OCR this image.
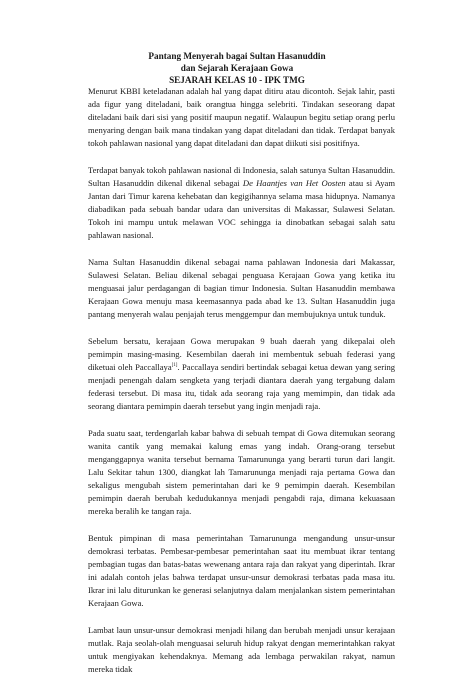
Pantang Menyerah bagai Sultan Hasanuddin
dan Sejarah Kerajaan Gowa
SEJARAH KELAS 10 - IPK TMG

Menurut KBBI keteladanan adalah hal yang dapat ditiru atau dicontoh. Sejak lahir, pasti ada figur yang diteladani, baik orangtua hingga selebriti. Tindakan seseorang dapat diteladani baik dari sisi yang positif maupun negatif. Walaupun begitu setiap orang perlu menyaring dengan baik mana tindakan yang dapat diteladani dan tidak. Terdapat banyak tokoh pahlawan nasional yang dapat diteladani dan dapat diikuti sisi positifnya.

Terdapat banyak tokoh pahlawan nasional di Indonesia, salah satunya Sultan Hasanuddin. Sultan Hasanuddin dikenal dikenal sebagai De Haantjes van Het Oosten atau si Ayam Jantan dari Timur karena kehebatan dan kegigihannya selama masa hidupnya. Namanya diabadikan pada sebuah bandar udara dan universitas di Makassar, Sulawesi Selatan. Tokoh ini mampu untuk melawan VOC sehingga ia dinobatkan sebagai salah satu pahlawan nasional.

Nama Sultan Hasanuddin dikenal sebagai nama pahlawan Indonesia dari Makassar, Sulawesi Selatan. Beliau dikenal sebagai penguasa Kerajaan Gowa yang ketika itu menguasai jalur perdagangan di bagian timur Indonesia. Sultan Hasanuddin membawa Kerajaan Gowa menuju masa keemasannya pada abad ke 13. Sultan Hasanuddin juga pantang menyerah walau penjajah terus menggempur dan membujuknya untuk tunduk.

Sebelum bersatu, kerajaan Gowa merupakan 9 buah daerah yang dikepalai oleh pemimpin masing-masing. Kesembilan daerah ini membentuk sebuah federasi yang diketuai oleh Paccallaya[1]. Paccallaya sendiri bertindak sebagai ketua dewan yang sering menjadi penengah dalam sengketa yang terjadi diantara daerah yang tergabung dalam federasi tersebut. Di masa itu, tidak ada seorang raja yang memimpin, dan tidak ada seorang diantara pemimpin daerah tersebut yang ingin menjadi raja.

Pada suatu saat, terdengarlah kabar bahwa di sebuah tempat di Gowa ditemukan seorang wanita cantik yang memakai kalung emas yang indah. Orang-orang tersebut menganggapnya wanita tersebut bernama Tamarununga yang berarti turun dari langit. Lalu Sekitar tahun 1300, diangkat lah Tamarununga menjadi raja pertama Gowa dan sekaligus mengubah sistem pemerintahan dari ke 9 pemimpin daerah. Kesembilan pemimpin daerah berubah kedudukannya menjadi pengabdi raja, dimana kekuasaan mereka beralih ke tangan raja.

Bentuk pimpinan di masa pemerintahan Tamarununga mengandung unsur-unsur demokrasi terbatas. Pembesar-pembesar pemerintahan saat itu membuat ikrar tentang pembagian tugas dan batas-batas wewenang antara raja dan rakyat yang diperintah. Ikrar ini adalah contoh jelas bahwa terdapat unsur-unsur demokrasi terbatas pada masa itu. Ikrar ini lalu diturunkan ke generasi selanjutnya dalam menjalankan sistem pemerintahan Kerajaan Gowa.

Lambat laun unsur-unsur demokrasi menjadi hilang dan berubah menjadi unsur kerajaan mutlak. Raja seolah-olah menguasai seluruh hidup rakyat dengan memerintahkan rakyat untuk mengiyakan kehendaknya. Memang ada lembaga perwakilan rakyat, namun mereka tidak
